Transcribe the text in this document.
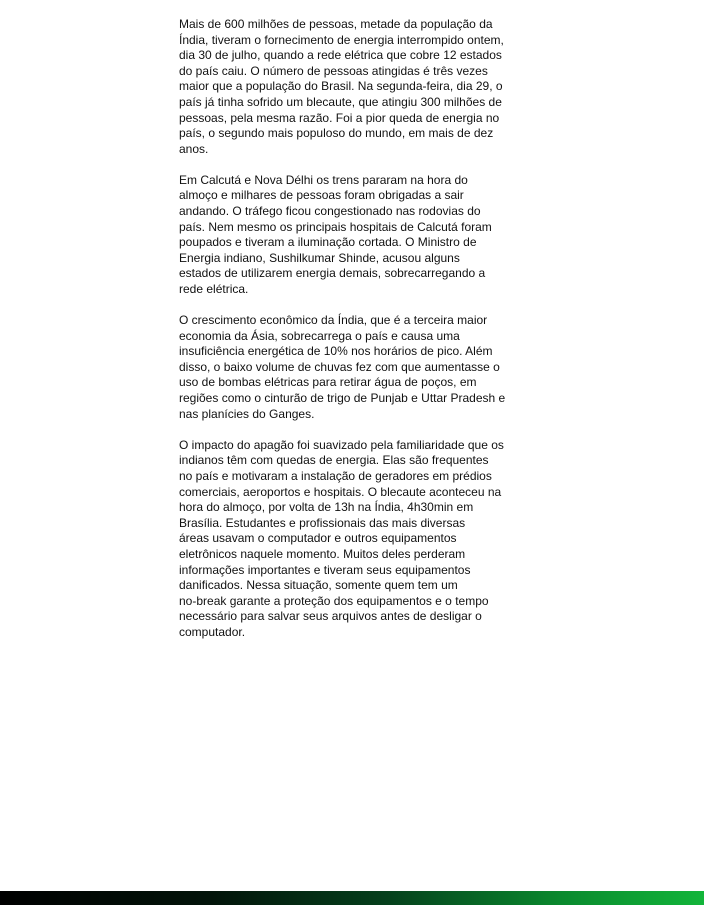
Mais de 600 milhões de pessoas, metade da população da
Índia, tiveram o fornecimento de energia interrompido ontem,
dia 30 de julho, quando a rede elétrica que cobre 12 estados
do país caiu. O número de pessoas atingidas é três vezes
maior que a população do Brasil. Na segunda-feira, dia 29, o
país já tinha sofrido um blecaute, que atingiu 300 milhões de
pessoas, pela mesma razão. Foi a pior queda de energia no
país, o segundo mais populoso do mundo, em mais de dez
anos.

Em Calcutá e Nova Délhi os trens pararam na hora do
almoço e milhares de pessoas foram obrigadas a sair
andando. O tráfego ficou congestionado nas rodovias do
país. Nem mesmo os principais hospitais de Calcutá foram
poupados e tiveram a iluminação cortada. O Ministro de
Energia indiano, Sushilkumar Shinde, acusou alguns
estados de utilizarem energia demais, sobrecarregando a
rede elétrica.

O crescimento econômico da Índia, que é a terceira maior
economia da Ásia, sobrecarrega o país e causa uma
insuficiência energética de 10% nos horários de pico. Além
disso, o baixo volume de chuvas fez com que aumentasse o
uso de bombas elétricas para retirar água de poços, em
regiões como o cinturão de trigo de Punjab e Uttar Pradesh e
nas planícies do Ganges.

O impacto do apagão foi suavizado pela familiaridade que os
indianos têm com quedas de energia. Elas são frequentes
no país e motivaram a instalação de geradores em prédios
comerciais, aeroportos e hospitais. O blecaute aconteceu na
hora do almoço, por volta de 13h na Índia, 4h30min em
Brasília. Estudantes e profissionais das mais diversas
áreas usavam o computador e outros equipamentos
eletrônicos naquele momento. Muitos deles perderam
informações importantes e tiveram seus equipamentos
danificados. Nessa situação, somente quem tem um
no-break garante a proteção dos equipamentos e o tempo
necessário para salvar seus arquivos antes de desligar o
computador.
